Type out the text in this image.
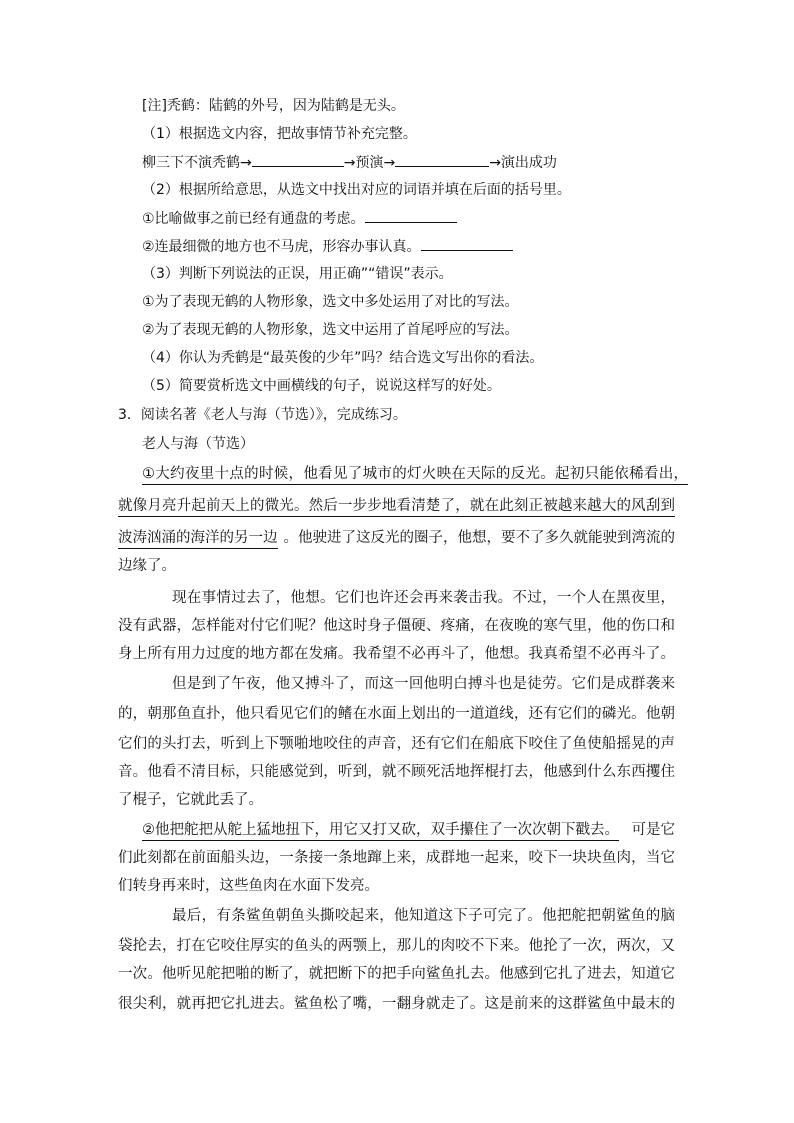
[注]秃鹤：陆鹤的外号，因为陆鹤是无头。
（1）根据选文内容，把故事情节补充完整。
柳三下不演秃鹤→	→预演→	→演出成功
（2）根据所给意思，从选文中找出对应的词语并填在后面的括号里。
①比喻做事之前已经有通盘的考虑。
②连最细微的地方也不马虎，形容办事认真。
（3）判断下列说法的正误，用正确”“错误”表示。
①为了表现无鹤的人物形象，选文中多处运用了对比的写法。
②为了表现无鹤的人物形象，选文中运用了首尾呼应的写法。
（4）你认为秃鹤是“最英俊的少年”吗？结合选文写出你的看法。
（5）简要赏析选文中画横线的句子，说说这样写的好处。
3．阅读名著《老人与海（节选）》，完成练习。
老人与海（节选）
①大约夜里十点的时候，他看见了城市的灯火映在天际的反光。起初只能依稀看出，
就像月亮升起前天上的微光。然后一步步地看清楚了，就在此刻正被越来越大的风刮到
波涛汹涌的海洋的另一边 。他驶进了这反光的圈子，他想，要不了多久就能驶到湾流的
边缘了。
现在事情过去了，他想。它们也许还会再来袭击我。不过，一个人在黑夜里，
没有武器，怎样能对付它们呢？他这时身子僵硬、疼痛，在夜晚的寒气里，他的伤口和
身上所有用力过度的地方都在发痛。我希望不必再斗了，他想。我真希望不必再斗了。
但是到了午夜，他又搏斗了，而这一回他明白搏斗也是徒劳。它们是成群袭来
的，朝那鱼直扑，他只看见它们的鳍在水面上划出的一道道线，还有它们的磷光。他朝
它们的头打去，听到上下颚啪地咬住的声音，还有它们在船底下咬住了鱼使船摇晃的声
音。他看不清目标，只能感觉到，听到，就不顾死活地挥棍打去，他感到什么东西攫住
了棍子，它就此丢了。
②他把舵把从舵上猛地扭下，用它又打又砍，双手攥住了一次次朝下戳去。 可是它
们此刻都在前面船头边，一条接一条地蹿上来，成群地一起来，咬下一块块鱼肉，当它
们转身再来时，这些鱼肉在水面下发亮。
最后，有条鲨鱼朝鱼头撕咬起来，他知道这下子可完了。他把舵把朝鲨鱼的脑
袋抡去，打在它咬住厚实的鱼头的两颚上，那儿的肉咬不下来。他抡了一次，两次，又
一次。他听见舵把啪的断了，就把断下的把手向鲨鱼扎去。他感到它扎了进去，知道它
很尖利，就再把它扎进去。鲨鱼松了嘴，一翻身就走了。这是前来的这群鲨鱼中最末的
